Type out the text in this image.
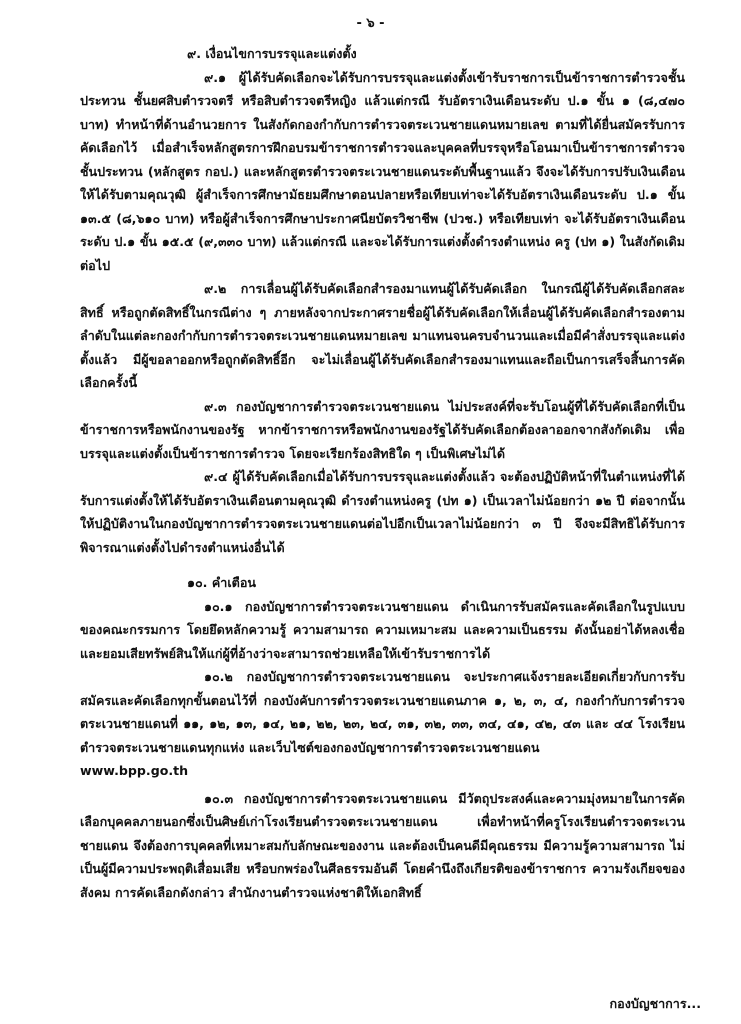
- ๖ -

๙. เงื่อนไขการบรรจุและแต่งตั้ง

๙.๑ ผู้ได้รับคัดเลือกจะได้รับการบรรจุและแต่งตั้งเข้ารับราชการเป็นข้าราชการตำรวจชั้นประทวน ชั้นยศสิบตำรวจตรี หรือสิบตำรวจตรีหญิง แล้วแต่กรณี รับอัตราเงินเดือนระดับ ป.๑ ขั้น ๑ (๘,๔๗๐ บาท) ทำหน้าที่ด้านอำนวยการ ในสังกัดกองกำกับการตำรวจตระเวนชายแดนหมายเลข ตามที่ได้ยื่นสมัครรับการคัดเลือกไว้ เมื่อสำเร็จหลักสูตรการฝึกอบรมข้าราชการตำรวจและบุคคลที่บรรจุหรือโอนมาเป็นข้าราชการตำรวจชั้นประทวน (หลักสูตร กอป.) และหลักสูตรตำรวจตระเวนชายแดนระดับพื้นฐานแล้ว จึงจะได้รับการปรับเงินเดือนให้ได้รับตามคุณวุฒิ ผู้สำเร็จการศึกษามัธยมศึกษาตอนปลายหรือเทียบเท่าจะได้รับอัตราเงินเดือนระดับ ป.๑ ขั้น ๑๓.๕ (๘,๖๑๐ บาท) หรือผู้สำเร็จการศึกษาประกาศนียบัตรวิชาชีพ (ปวช.) หรือเทียบเท่า จะได้รับอัตราเงินเดือนระดับ ป.๑ ขั้น ๑๕.๕ (๙,๓๓๐ บาท) แล้วแต่กรณี และจะได้รับการแต่งตั้งดำรงตำแหน่ง ครู (ปท ๑) ในสังกัดเดิมต่อไป

๙.๒ การเลื่อนผู้ได้รับคัดเลือกสำรองมาแทนผู้ได้รับคัดเลือก ในกรณีผู้ได้รับคัดเลือกสละสิทธิ์ หรือถูกตัดสิทธิ์ในกรณีต่าง ๆ ภายหลังจากประกาศรายชื่อผู้ได้รับคัดเลือกให้เลื่อนผู้ได้รับคัดเลือกสำรองตามลำดับในแต่ละกองกำกับการตำรวจตระเวนชายแดนหมายเลข มาแทนจนครบจำนวนและเมื่อมีคำสั่งบรรจุและแต่งตั้งแล้ว มีผู้ขอลาออกหรือถูกตัดสิทธิ์อีก จะไม่เลื่อนผู้ได้รับคัดเลือกสำรองมาแทนและถือเป็นการเสร็จสิ้นการคัดเลือกครั้งนี้

๙.๓ กองบัญชาการตำรวจตระเวนชายแดน ไม่ประสงค์ที่จะรับโอนผู้ที่ได้รับคัดเลือกที่เป็นข้าราชการหรือพนักงานของรัฐ หากข้าราชการหรือพนักงานของรัฐได้รับคัดเลือกต้องลาออกจากสังกัดเดิม เพื่อบรรจุและแต่งตั้งเป็นข้าราชการตำรวจ โดยจะเรียกร้องสิทธิใด ๆ เป็นพิเศษไม่ได้

๙.๔ ผู้ได้รับคัดเลือกเมื่อได้รับการบรรจุและแต่งตั้งแล้ว จะต้องปฏิบัติหน้าที่ในตำแหน่งที่ได้รับการแต่งตั้งให้ได้รับอัตราเงินเดือนตามคุณวุฒิ ดำรงตำแหน่งครู (ปท ๑) เป็นเวลาไม่น้อยกว่า ๑๒ ปี ต่อจากนั้นให้ปฏิบัติงานในกองบัญชาการตำรวจตระเวนชายแดนต่อไปอีกเป็นเวลาไม่น้อยกว่า ๓ ปี จึงจะมีสิทธิได้รับการพิจารณาแต่งตั้งไปดำรงตำแหน่งอื่นได้

๑๐. คำเตือน

๑๐.๑ กองบัญชาการตำรวจตระเวนชายแดน ดำเนินการรับสมัครและคัดเลือกในรูปแบบของคณะกรรมการ โดยยึดหลักความรู้ ความสามารถ ความเหมาะสม และความเป็นธรรม ดังนั้นอย่าได้หลงเชื่อและยอมเสียทรัพย์สินให้แก่ผู้ที่อ้างว่าจะสามารถช่วยเหลือให้เข้ารับราชการได้

๑๐.๒ กองบัญชาการตำรวจตระเวนชายแดน จะประกาศแจ้งรายละเอียดเกี่ยวกับการรับสมัครและคัดเลือกทุกขั้นตอนไว้ที่ กองบังคับการตำรวจตระเวนชายแดนภาค ๑, ๒, ๓, ๔, กองกำกับการตำรวจตระเวนชายแดนที่ ๑๑, ๑๒, ๑๓, ๑๔, ๒๑, ๒๒, ๒๓, ๒๔, ๓๑, ๓๒, ๓๓, ๓๔, ๔๑, ๔๒, ๔๓ และ ๔๔ โรงเรียนตำรวจตระเวนชายแดนทุกแห่ง และเว็บไซต์ของกองบัญชาการตำรวจตระเวนชายแดน

www.bpp.go.th

๑๐.๓ กองบัญชาการตำรวจตระเวนชายแดน มีวัตถุประสงค์และความมุ่งหมายในการคัดเลือกบุคคลภายนอกซึ่งเป็นศิษย์เก่าโรงเรียนตำรวจตระเวนชายแดน เพื่อทำหน้าที่ครูโรงเรียนตำรวจตระเวนชายแดน จึงต้องการบุคคลที่เหมาะสมกับลักษณะของงาน และต้องเป็นคนดีมีคุณธรรม มีความรู้ความสามารถ ไม่เป็นผู้มีความประพฤติเสื่อมเสีย หรือบกพร่องในศีลธรรมอันดี โดยคำนึงถึงเกียรติของข้าราชการ ความรังเกียจของสังคม การคัดเลือกดังกล่าว สำนักงานตำรวจแห่งชาติให้เอกสิทธิ์

กองบัญชาการ...
